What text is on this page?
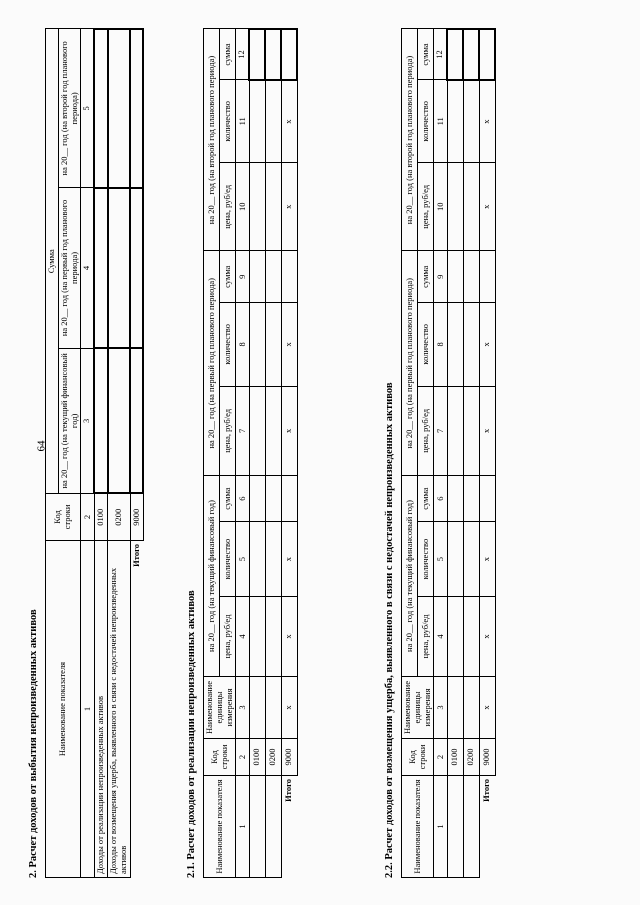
64

2. Расчет доходов от выбытия непроизведенных активов Наименование показателя	Код строки	Сумма		
		на 20__ год (на текущий финансовый год)	на 20__ год (на первый год планового периода)	на 20__ год (на второй год планового периода)
1	2	3	4	5
Доходы от реализации непроизведенных активов	0100			
Доходы от возмещения ущерба, выявленного в связи с недостачей непроизведенных активов	0200			
Итого	9000			

2.1. Расчет доходов от реализации непроизведенных активов Наименование показателя	Код строки	Наименование единицы измерения	на 20__ год (на текущий финансовый год)			на 20__ год (на первый год планового периода)			на 20__ год (на второй год планового периода)		
			цена, руб/ед	количество	сумма	цена, руб/ед	количество	сумма	цена, руб/ед	количество	сумма
1	2	3	4	5	6	7	8	9	10	11	12
	0100										
	0200										
Итого	9000	x	x	x		x	x		x	x	

2.2. Расчет доходов от возмещения ущерба, выявленного в связи с недостачей непроизведенных активов Наименование показателя	Код строки	Наименование единицы измерения	на 20__ год (на текущий финансовый год)			на 20__ год (на первый год планового периода)			на 20__ год (на второй год планового периода)		
			цена, руб/ед	количество	сумма	цена, руб/ед	количество	сумма	цена, руб/ед	количество	сумма
1	2	3	4	5	6	7	8	9	10	11	12
	0100										
	0200										
Итого	9000	x	x	x		x	x		x	x	
